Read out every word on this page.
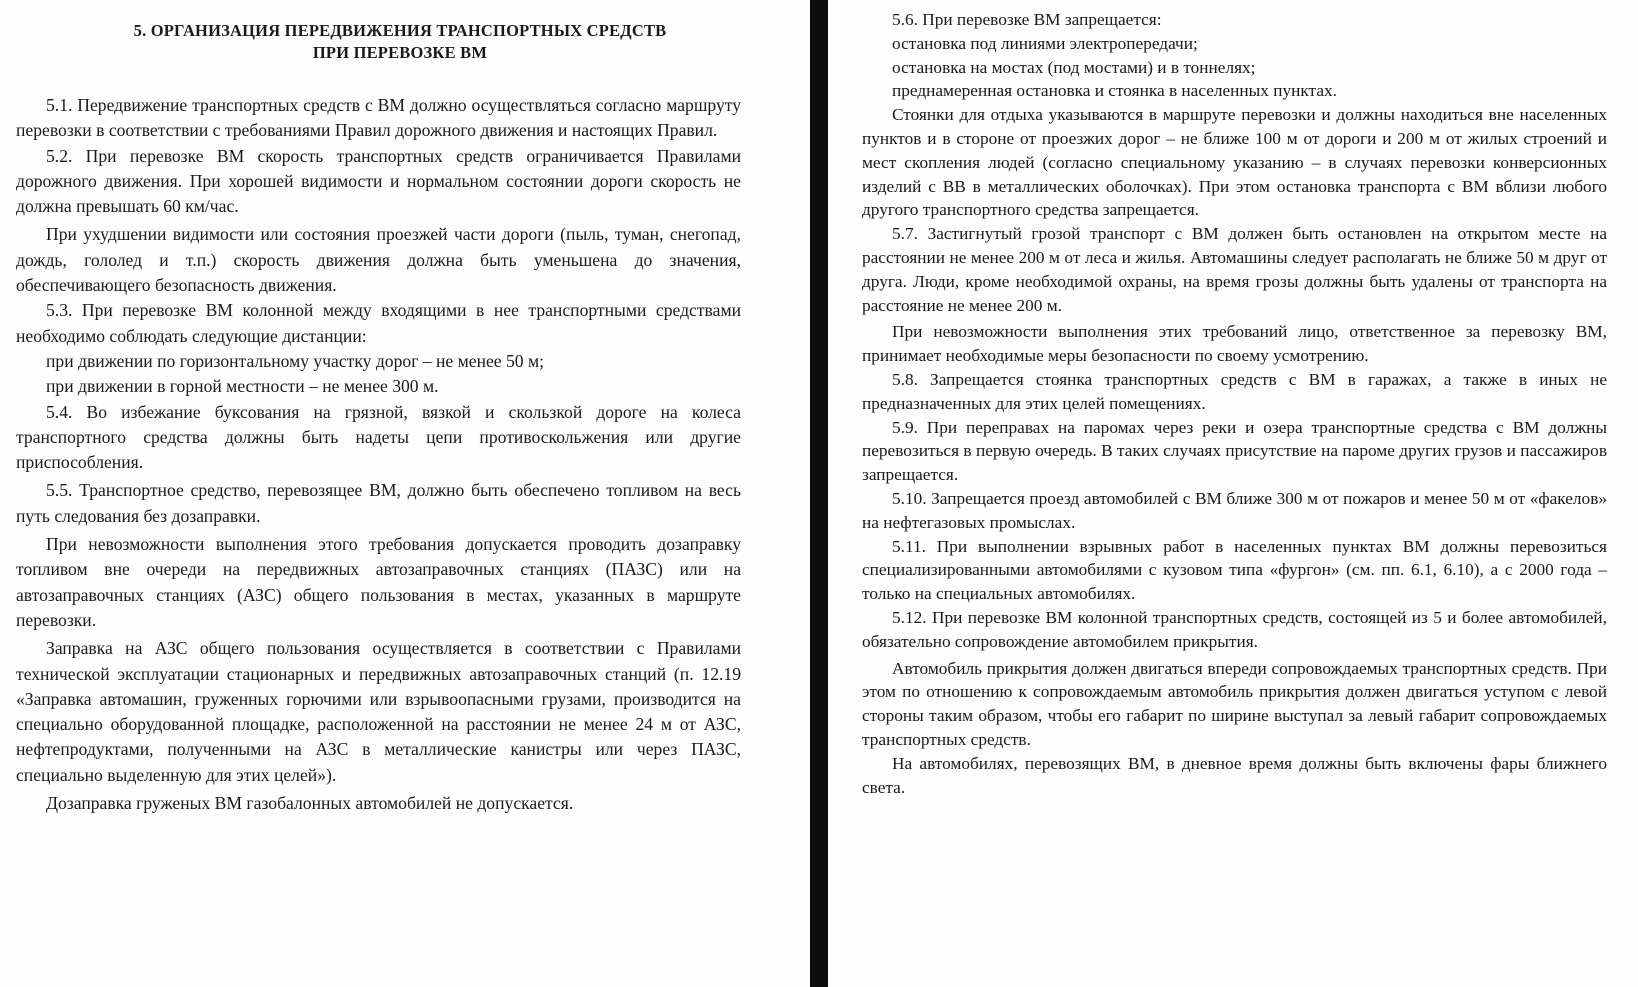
5. ОРГАНИЗАЦИЯ ПЕРЕДВИЖЕНИЯ ТРАНСПОРТНЫХ СРЕДСТВ
ПРИ ПЕРЕВОЗКЕ ВМ

5.1. Передвижение транспортных средств с ВМ должно осуществляться согласно маршруту перевозки в соответствии с требованиями Правил дорожного движения и настоящих Правил.

5.2. При перевозке ВМ скорость транспортных средств ограничивается Правилами дорожного движения. При хорошей видимости и нормальном состоянии дороги скорость не должна превышать 60 км/час.

При ухудшении видимости или состояния проезжей части дороги (пыль, туман, снегопад, дождь, гололед и т.п.) скорость движения должна быть уменьшена до значения, обеспечивающего безопасность движения.

5.3. При перевозке ВМ колонной между входящими в нее транспортными средствами необходимо соблюдать следующие дистанции:

при движении по горизонтальному участку дорог – не менее 50 м;

при движении в горной местности – не менее 300 м.

5.4. Во избежание буксования на грязной, вязкой и скользкой дороге на колеса транспортного средства должны быть надеты цепи противоскольжения или другие приспособления.

5.5. Транспортное средство, перевозящее ВМ, должно быть обеспечено топливом на весь путь следования без дозаправки.

При невозможности выполнения этого требования допускается проводить дозаправку топливом вне очереди на передвижных автозаправочных станциях (ПАЗС) или на автозаправочных станциях (АЗС) общего пользования в местах, указанных в маршруте перевозки.

Заправка на АЗС общего пользования осуществляется в соответствии с Правилами технической эксплуатации стационарных и передвижных автозаправочных станций (п. 12.19 «Заправка автомашин, груженных горючими или взрывоопасными грузами, производится на специально оборудованной площадке, расположенной на расстоянии не менее 24 м от АЗС, нефтепродуктами, полученными на АЗС в металлические канистры или через ПАЗС, специально выделенную для этих целей»).

Дозаправка груженых ВМ газобалонных автомобилей не допускается.

5.6. При перевозке ВМ запрещается:

остановка под линиями электропередачи;

остановка на мостах (под мостами) и в тоннелях;

преднамеренная остановка и стоянка в населенных пунктах.

Стоянки для отдыха указываются в маршруте перевозки и должны находиться вне населенных пунктов и в стороне от проезжих дорог – не ближе 100 м от дороги и 200 м от жилых строений и мест скопления людей (согласно специальному указанию – в случаях перевозки конверсионных изделий с ВВ в металлических оболочках). При этом остановка транспорта с ВМ вблизи любого другого транспортного средства запрещается.

5.7. Застигнутый грозой транспорт с ВМ должен быть остановлен на открытом месте на расстоянии не менее 200 м от леса и жилья. Автомашины следует располагать не ближе 50 м друг от друга. Люди, кроме необходимой охраны, на время грозы должны быть удалены от транспорта на расстояние не менее 200 м.

При невозможности выполнения этих требований лицо, ответственное за перевозку ВМ, принимает необходимые меры безопасности по своему усмотрению.

5.8. Запрещается стоянка транспортных средств с ВМ в гаражах, а также в иных не предназначенных для этих целей помещениях.

5.9. При переправах на паромах через реки и озера транспортные средства с ВМ должны перевозиться в первую очередь. В таких случаях присутствие на пароме других грузов и пассажиров запрещается.

5.10. Запрещается проезд автомобилей с ВМ ближе 300 м от пожаров и менее 50 м от «факелов» на нефтегазовых промыслах.

5.11. При выполнении взрывных работ в населенных пунктах ВМ должны перевозиться специализированными автомобилями с кузовом типа «фургон» (см. пп. 6.1, 6.10), а с 2000 года – только на специальных автомобилях.

5.12. При перевозке ВМ колонной транспортных средств, состоящей из 5 и более автомобилей, обязательно сопровождение автомобилем прикрытия.

Автомобиль прикрытия должен двигаться впереди сопровождаемых транспортных средств. При этом по отношению к сопровождаемым автомобиль прикрытия должен двигаться уступом с левой стороны таким образом, чтобы его габарит по ширине выступал за левый габарит сопровождаемых транспортных средств.

На автомобилях, перевозящих ВМ, в дневное время должны быть включены фары ближнего света.
